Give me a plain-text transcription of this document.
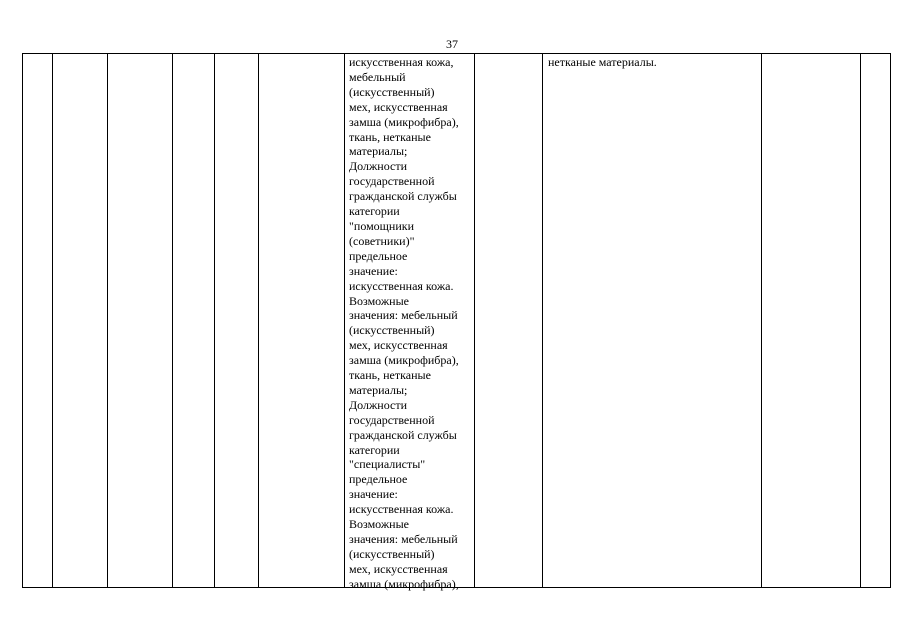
37
искусственная кожа,
мебельный
(искусственный)
мех, искусственная
замша (микрофибра),
ткань, нетканые
материалы;
Должности
государственной
гражданской службы
категории
"помощники
(советники)"
предельное
значение:
искусственная кожа.
Возможные
значения: мебельный
(искусственный)
мех, искусственная
замша (микрофибра),
ткань, нетканые
материалы;
Должности
государственной
гражданской службы
категории
"специалисты"
предельное
значение:
искусственная кожа.
Возможные
значения: мебельный
(искусственный)
мех, искусственная
замша (микрофибра),
нетканые материалы.
